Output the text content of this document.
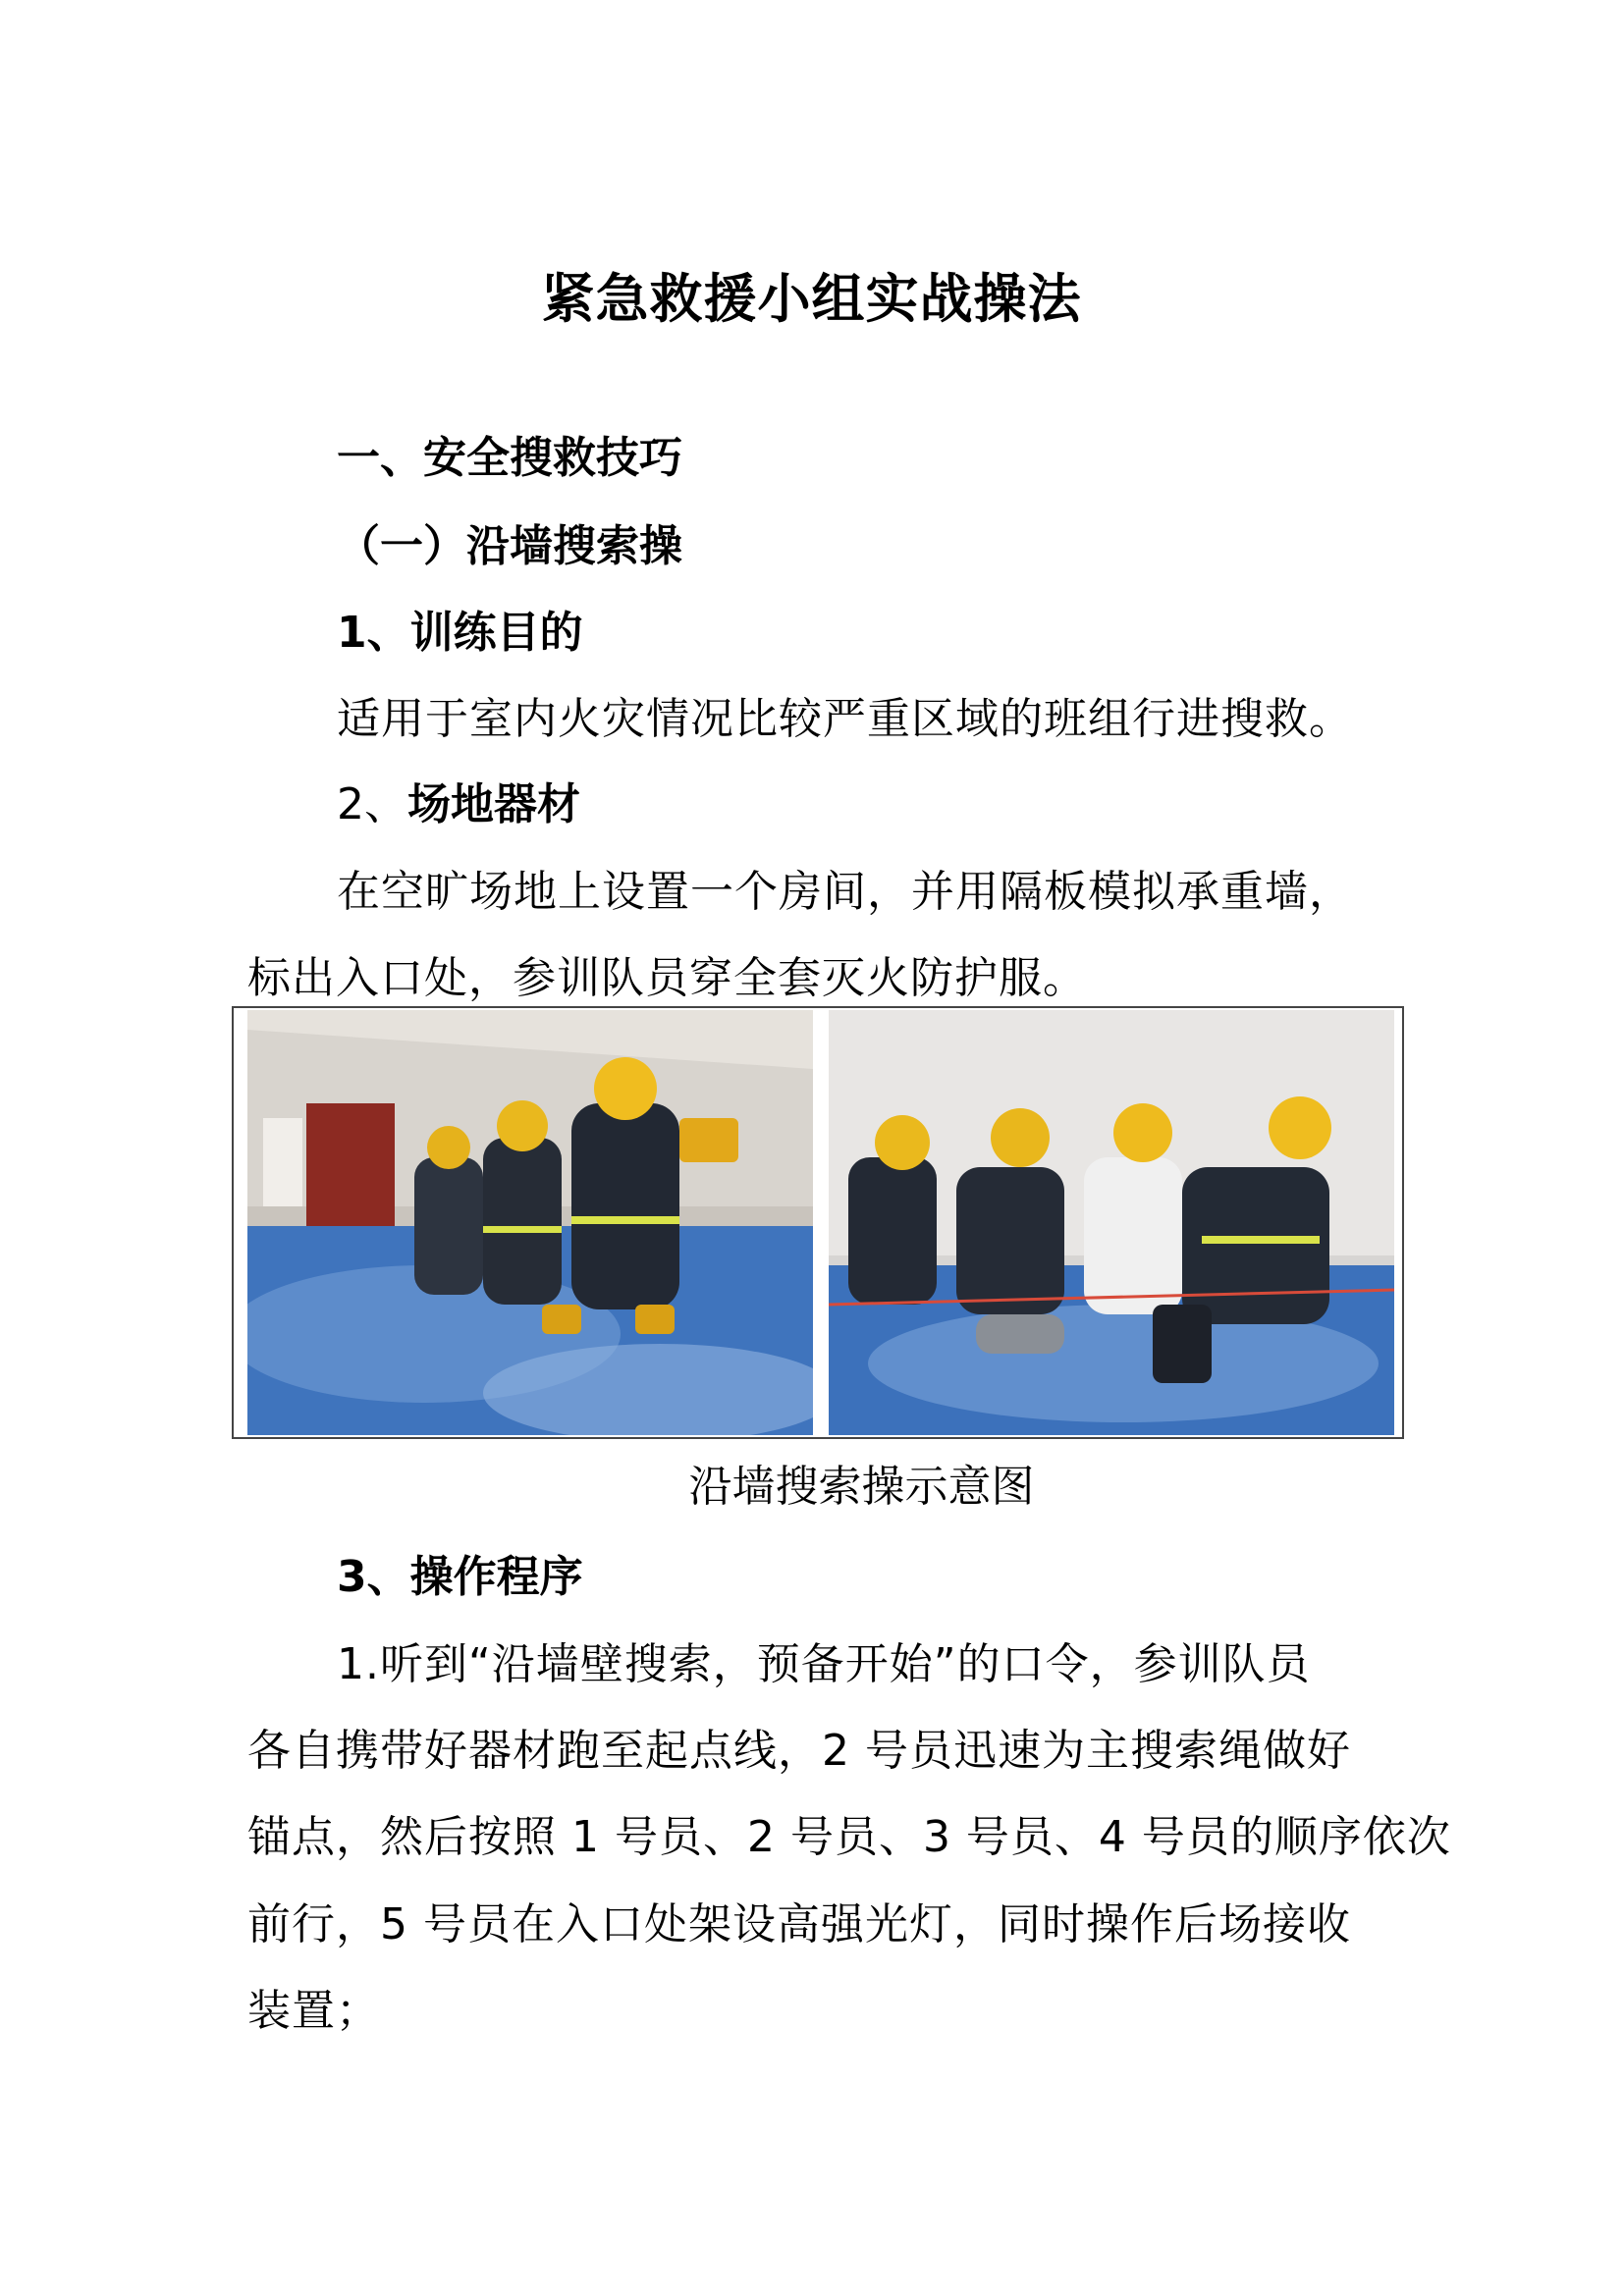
紧急救援小组实战操法
一、安全搜救技巧
（一）沿墙搜索操
1、训练目的
适用于室内火灾情况比较严重区域的班组行进搜救。
2、场地器材
在空旷场地上设置一个房间，并用隔板模拟承重墙，
标出入口处，参训队员穿全套灭火防护服。
沿墙搜索操示意图
3、操作程序
1.听到“沿墙壁搜索，预备开始”的口令，参训队员
各自携带好器材跑至起点线，2 号员迅速为主搜索绳做好
锚点，然后按照 1 号员、2 号员、3 号员、4 号员的顺序依次
前行，5 号员在入口处架设高强光灯，同时操作后场接收
装置；
